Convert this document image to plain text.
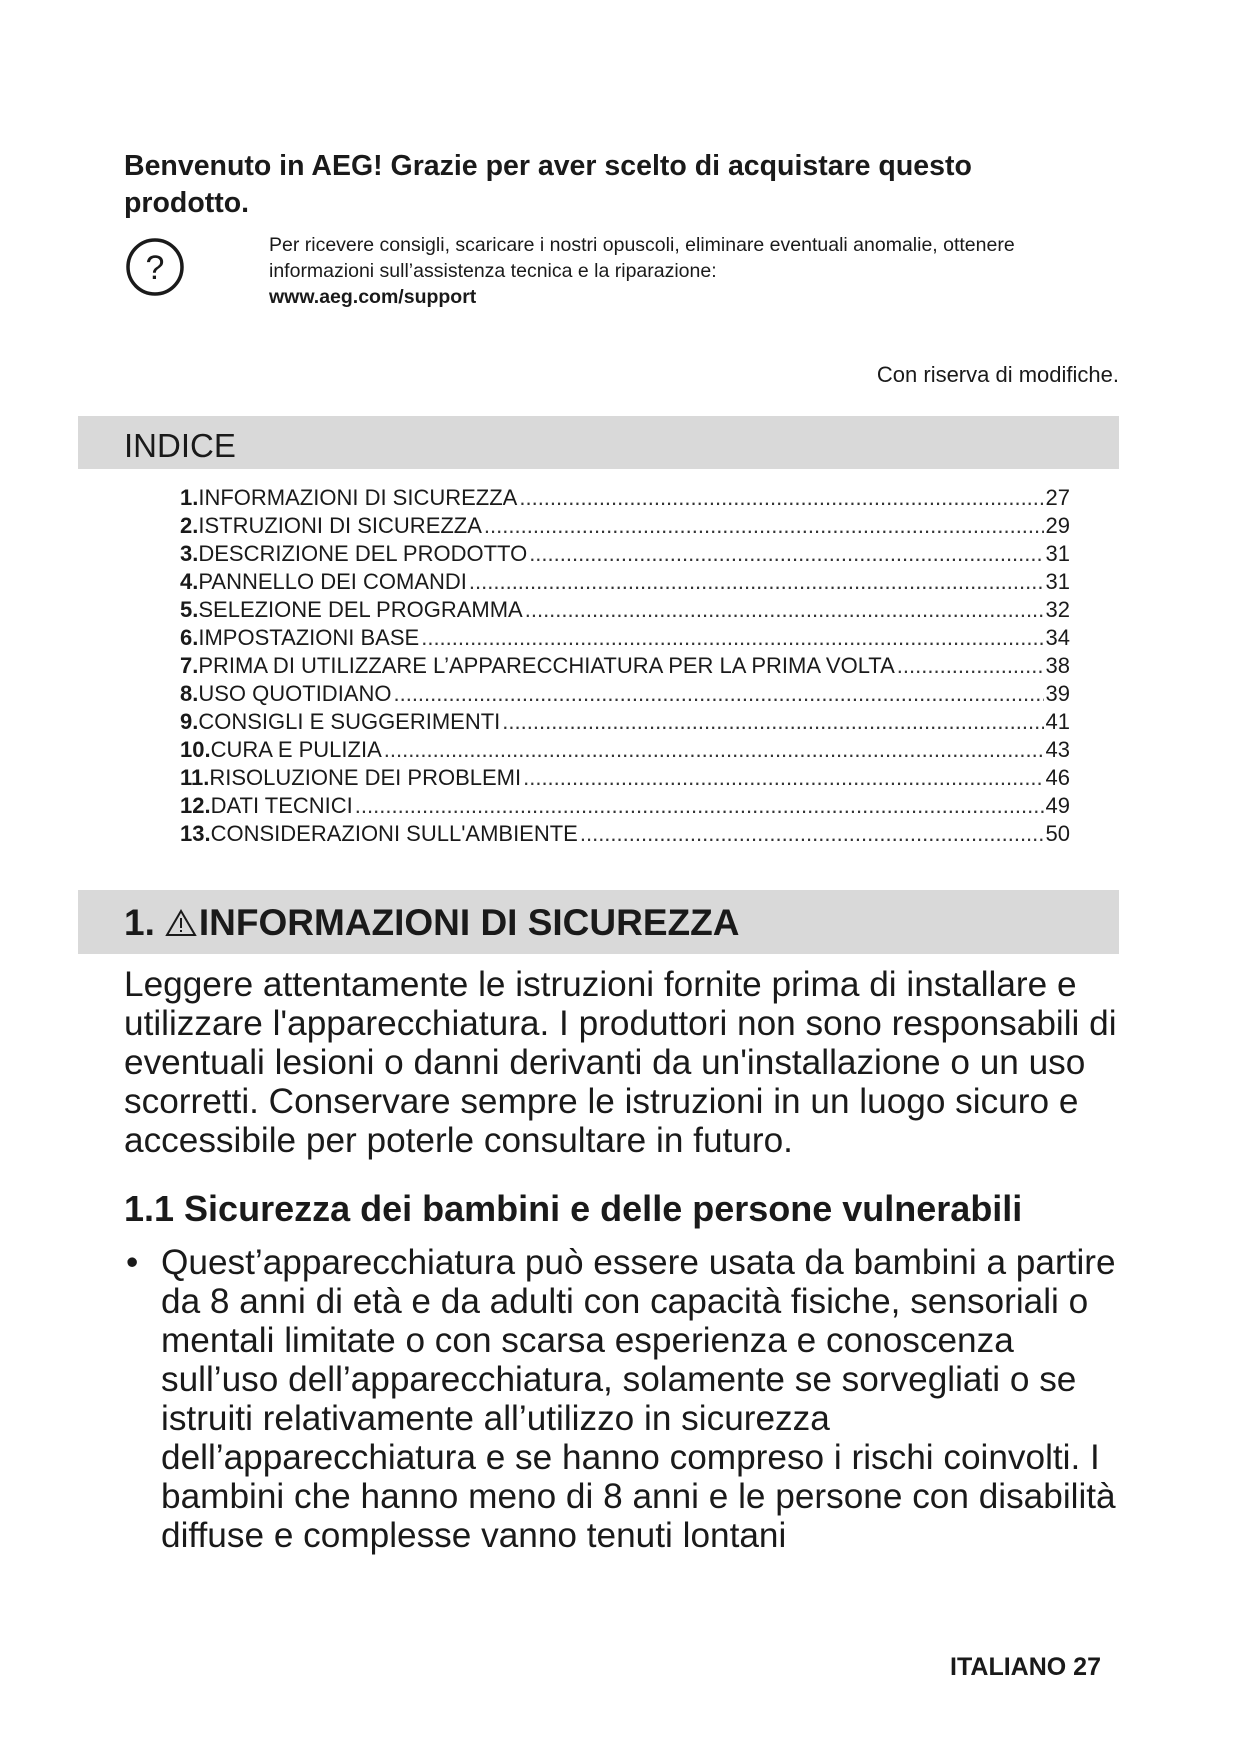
Benvenuto in AEG! Grazie per aver scelto di acquistare questo prodotto.
?
Per ricevere consigli, scaricare i nostri opuscoli, eliminare eventuali anomalie, ottenere informazioni sull’assistenza tecnica e la riparazione:
www.aeg.com/support
Con riserva di modifiche.
INDICE
1. INFORMAZIONI DI SICUREZZA .....	27
2. ISTRUZIONI DI SICUREZZA .....	29
3. DESCRIZIONE DEL PRODOTTO .....	31
4. PANNELLO DEI COMANDI .....	31
5. SELEZIONE DEL PROGRAMMA .....	32
6. IMPOSTAZIONI BASE .....	34
7. PRIMA DI UTILIZZARE L’APPARECCHIATURA PER LA PRIMA VOLTA .....	38
8. USO QUOTIDIANO .....	39
9. CONSIGLI E SUGGERIMENTI .....	41
10. CURA E PULIZIA .....	43
11. RISOLUZIONE DEI PROBLEMI .....	46
12. DATI TECNICI .....	49
13. CONSIDERAZIONI SULL'AMBIENTE .....	50
1. INFORMAZIONI DI SICUREZZA

Leggere attentamente le istruzioni fornite prima di installare e utilizzare l'apparecchiatura. I produttori non sono responsabili di eventuali lesioni o danni derivanti da un'installazione o un uso scorretti. Conservare sempre le istruzioni in un luogo sicuro e accessibile per poterle consultare in futuro.

1.1 Sicurezza dei bambini e delle persone vulnerabili
• Quest’apparecchiatura può essere usata da bambini a partire da 8 anni di età e da adulti con capacità fisiche, sensoriali o mentali limitate o con scarsa esperienza e conoscenza sull’uso dell’apparecchiatura, solamente se sorvegliati o se istruiti relativamente all’utilizzo in sicurezza dell’apparecchiatura e se hanno compreso i rischi coinvolti. I bambini che hanno meno di 8 anni e le persone con disabilità diffuse e complesse vanno tenuti lontani
ITALIANO 27
